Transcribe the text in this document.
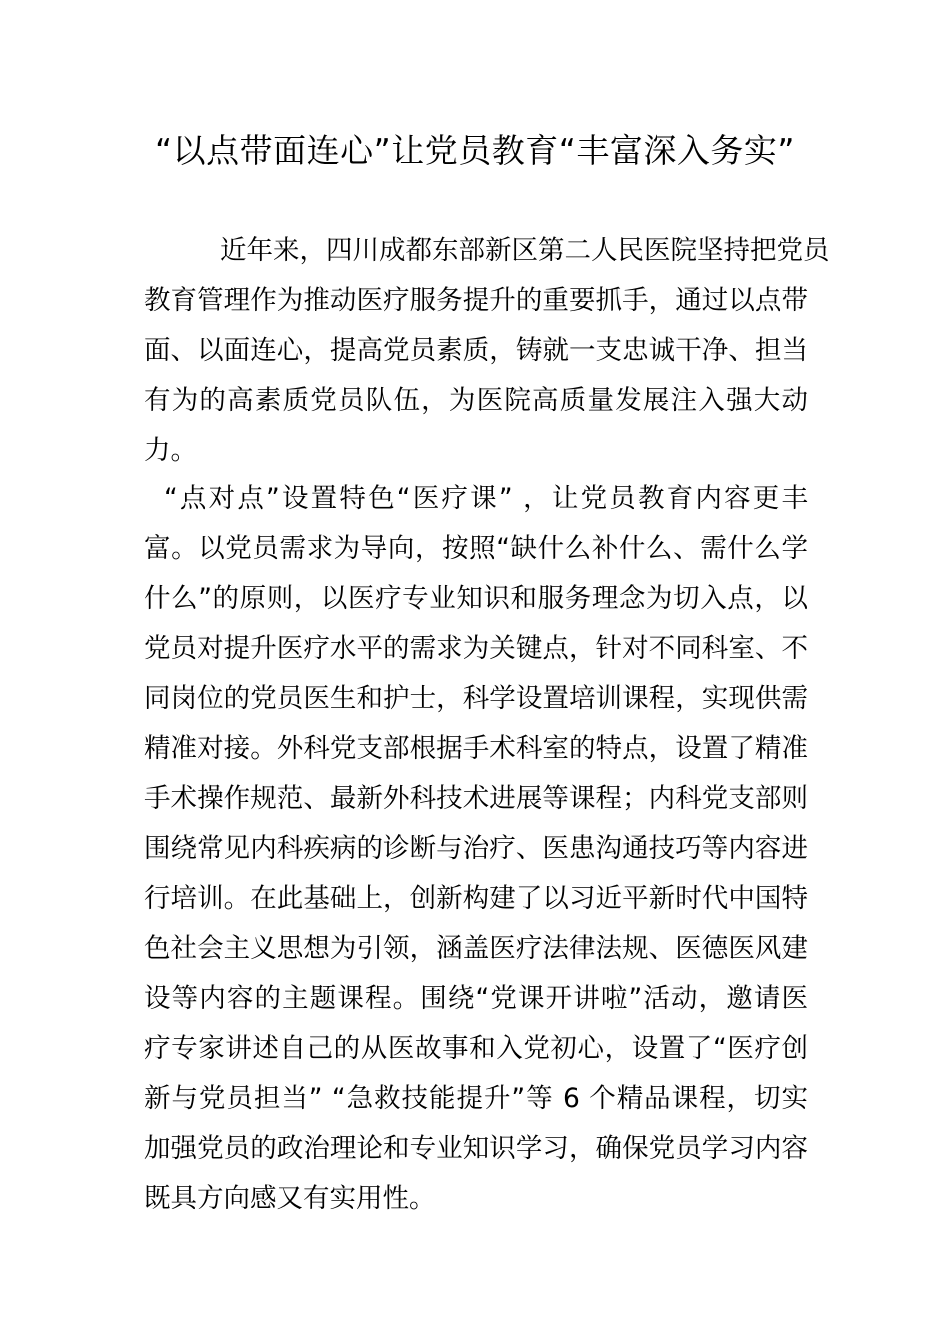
“以点带面连心”让党员教育“丰富深入务实”
近年来，四川成都东部新区第二人民医院坚持把党员
教育管理作为推动医疗服务提升的重要抓手，通过以点带
面、以面连心，提高党员素质，铸就一支忠诚干净、担当
有为的高素质党员队伍，为医院高质量发展注入强大动
力。
“点对点”设置特色“医疗课” ，让党员教育内容更丰
富。以党员需求为导向，按照“缺什么补什么、需什么学
什么”的原则，以医疗专业知识和服务理念为切入点，以
党员对提升医疗水平的需求为关键点，针对不同科室、不
同岗位的党员医生和护士，科学设置培训课程，实现供需
精准对接。外科党支部根据手术科室的特点，设置了精准
手术操作规范、最新外科技术进展等课程；内科党支部则
围绕常见内科疾病的诊断与治疗、医患沟通技巧等内容进
行培训。在此基础上，创新构建了以习近平新时代中国特
色社会主义思想为引领，涵盖医疗法律法规、医德医风建
设等内容的主题课程。围绕“党课开讲啦”活动，邀请医
疗专家讲述自己的从医故事和入党初心，设置了“医疗创
新与党员担当” “急救技能提升”等 6 个精品课程，切实
加强党员的政治理论和专业知识学习，确保党员学习内容
既具方向感又有实用性。
